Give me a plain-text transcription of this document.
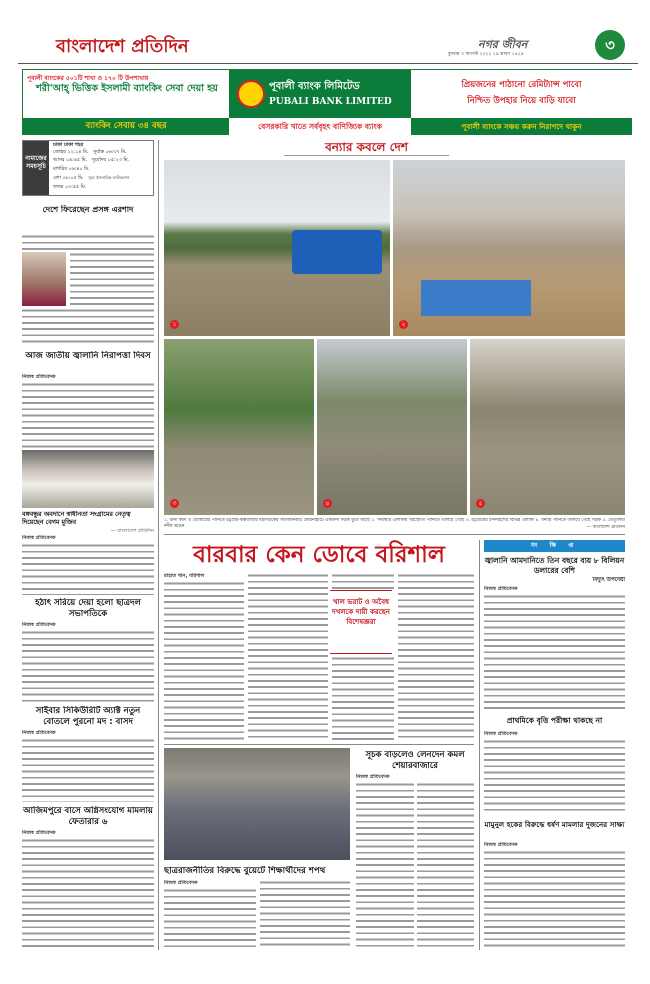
বাংলাদেশ প্রতিদিন	নগর জীবন	৩
বুধবার ৩ আগস্ট ২০২২ ১৯ শ্রাবণ ১৪২৯
পূবালী ব্যাংকের ৫০১টি শাখা ও ১৭০ টি উপশাখায়
শরী'আহ্ ভিত্তিক ইসলামী ব্যাংকিং সেবা দেয়া হয়
ব্যাংকিং সেবায় ৩৪ বছর
পূবালী ব্যাংক লিমিটেড
PUBALI BANK LIMITED
বেসরকারি খাতে সর্ববৃহৎ বাণিজ্যিক ব্যাংক
প্রিয়জনের পাঠানো রেমিট্যান্স পাবো
নিশ্চিত উপহার নিয়ে বাড়ি যাবো
পূবালী ব্যাংকে সঞ্চয় করুন নিরাপদে থাকুন
নামাজের সময়সূচি
ঢাকা ঢাকা শহর
জোহর ১২:১৪ মি. সূর্যাস্ত ০৬:৩৭ মি.
আসর ০৪:৪৫ মি. সূর্যোদয় ০৫:২৩ মি.
মাগরিব ০৬:৪০ মি.
এশা ০৮:০৫ মি. সূত্র: ইসলামিক ফাউন্ডেশন
ফজর ০৩:৫৫ মি.
দেশে ফিরেছেন প্রসঙ্গ এরশাদ
আজ জাতীয় জ্বালানি নিরাপত্তা দিবস
নিজস্ব প্রতিবেদক
বঙ্গবন্ধুর অবদানে স্বাধীনতা সংগ্রামের নেতৃত্ব দিয়েছেন বেগম মুজিব
— বাংলাদেশ প্রতিদিন
নিজস্ব প্রতিবেদক
হঠাৎ সরিয়ে দেয়া হলো ছাত্রদল সভাপতিকে
নিজস্ব প্রতিবেদক
সাইবার সিকিউরিটি অ্যাক্ট নতুন বোতলে পুরনো মদ : বাসদ
নিজস্ব প্রতিবেদক
আজিমপুরে বাসে অগ্নিসংযোগ মামলায় ফেতারার ৬
নিজস্ব প্রতিবেদক
বন্যার কবলে দেশ
১	২
৩	৪	৫
১. টানা বর্ষণ ও জোয়ারের পানিতে চট্টগ্রাম-কক্সবাজার মহাসড়কের সাতকানিয়ার কেরানীহাটে একটানা সড়ক ডুবে আছে ২. সদরঘাট এলাকায় খরস্রোতা পানিতে তলিয়ে গেছে ৩. চট্টগ্রামের চন্দনাইশের বিভিন্ন এলাকা ৪. বন্যার পানিতে তলিয়ে গেছে সড়ক ৫. তেঁতুলিয়া নদীর ভাঙন	— বাংলাদেশ প্রতিদিন
বারবার কেন ডোবে বরিশাল
রাহাত খান, বরিশাল
খাল ভরাট ও অবৈধ দখলকে দায়ী করছেন বিশেষজ্ঞরা
ছাত্ররাজনীতির বিরুদ্ধে বুয়েটে শিক্ষার্থীদের শপথ
নিজস্ব প্রতিবেদক
সূচক বাড়লেও লেনদেন কমল শেয়ারবাজারে
নিজস্ব প্রতিবেদক
সং ক্ষি প্ত
জ্বালানি আমদানিতে তিন বছরে ব্যয় ৮ বিলিয়ন ডলারের বেশি
বিদ্যুৎ উপদেষ্টা
নিজস্ব প্রতিবেদক
প্রাথমিকে বৃত্তি পরীক্ষা থাকছে না
নিজস্ব প্রতিবেদক
মামুনুল হকের বিরুদ্ধে ধর্ষণ মামলার দুজনের সাক্ষ্য
নিজস্ব প্রতিবেদক
